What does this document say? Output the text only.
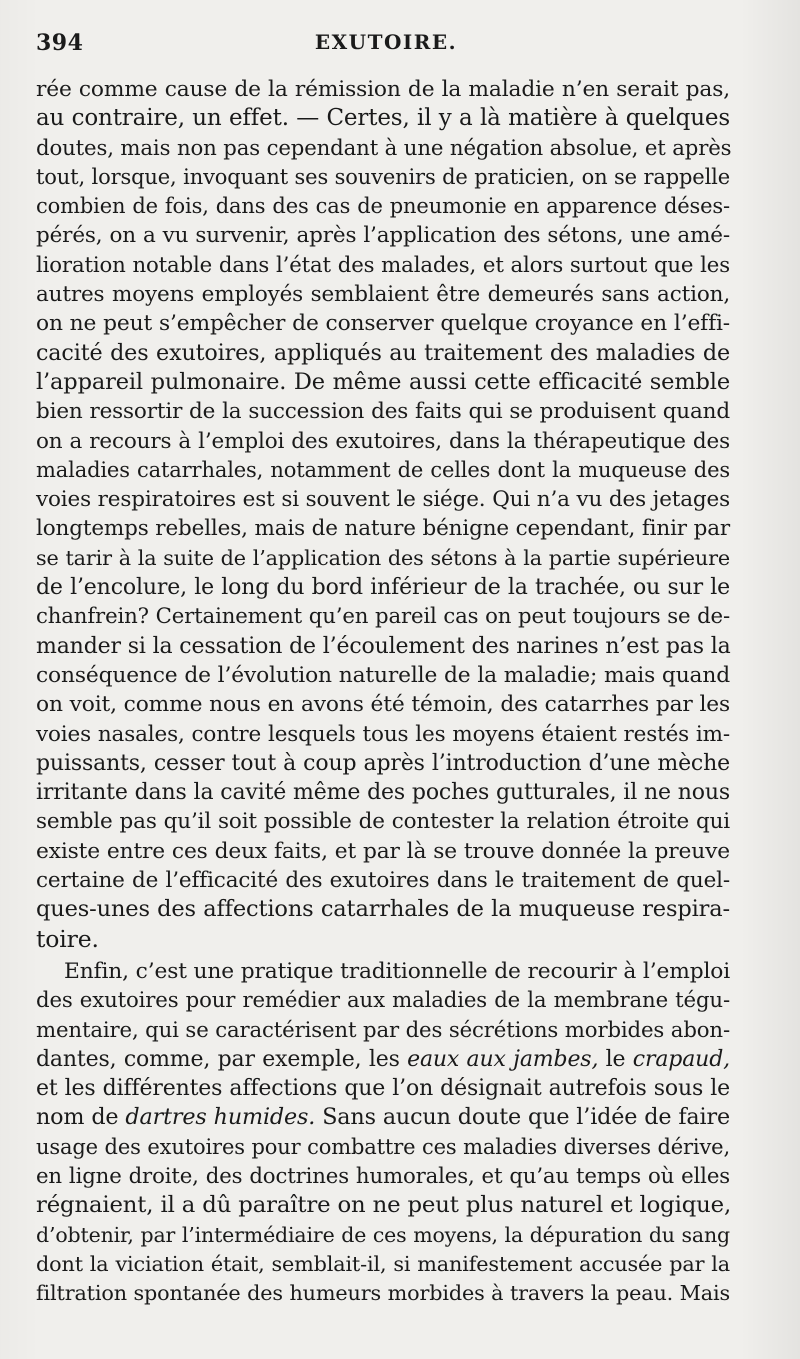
394	EXUTOIRE.
rée comme cause de la rémission de la maladie n’en serait pas,
au contraire, un effet. — Certes, il y a là matière à quelques
doutes, mais non pas cependant à une négation absolue, et après
tout, lorsque, invoquant ses souvenirs de praticien, on se rappelle
combien de fois, dans des cas de pneumonie en apparence déses-
pérés, on a vu survenir, après l’application des sétons, une amé-
lioration notable dans l’état des malades, et alors surtout que les
autres moyens employés semblaient être demeurés sans action,
on ne peut s’empêcher de conserver quelque croyance en l’effi-
cacité des exutoires, appliqués au traitement des maladies de
l’appareil pulmonaire. De même aussi cette efficacité semble
bien ressortir de la succession des faits qui se produisent quand
on a recours à l’emploi des exutoires, dans la thérapeutique des
maladies catarrhales, notamment de celles dont la muqueuse des
voies respiratoires est si souvent le siége. Qui n’a vu des jetages
longtemps rebelles, mais de nature bénigne cependant, finir par
se tarir à la suite de l’application des sétons à la partie supérieure
de l’encolure, le long du bord inférieur de la trachée, ou sur le
chanfrein? Certainement qu’en pareil cas on peut toujours se de-
mander si la cessation de l’écoulement des narines n’est pas la
conséquence de l’évolution naturelle de la maladie; mais quand
on voit, comme nous en avons été témoin, des catarrhes par les
voies nasales, contre lesquels tous les moyens étaient restés im-
puissants, cesser tout à coup après l’introduction d’une mèche
irritante dans la cavité même des poches gutturales, il ne nous
semble pas qu’il soit possible de contester la relation étroite qui
existe entre ces deux faits, et par là se trouve donnée la preuve
certaine de l’efficacité des exutoires dans le traitement de quel-
ques-unes des affections catarrhales de la muqueuse respira-
toire.
Enfin, c’est une pratique traditionnelle de recourir à l’emploi
des exutoires pour remédier aux maladies de la membrane tégu-
mentaire, qui se caractérisent par des sécrétions morbides abon-
dantes, comme, par exemple, les eaux aux jambes, le crapaud,
et les différentes affections que l’on désignait autrefois sous le
nom de dartres humides. Sans aucun doute que l’idée de faire
usage des exutoires pour combattre ces maladies diverses dérive,
en ligne droite, des doctrines humorales, et qu’au temps où elles
régnaient, il a dû paraître on ne peut plus naturel et logique,
d’obtenir, par l’intermédiaire de ces moyens, la dépuration du sang
dont la viciation était, semblait-il, si manifestement accusée par la
filtration spontanée des humeurs morbides à travers la peau. Mais
